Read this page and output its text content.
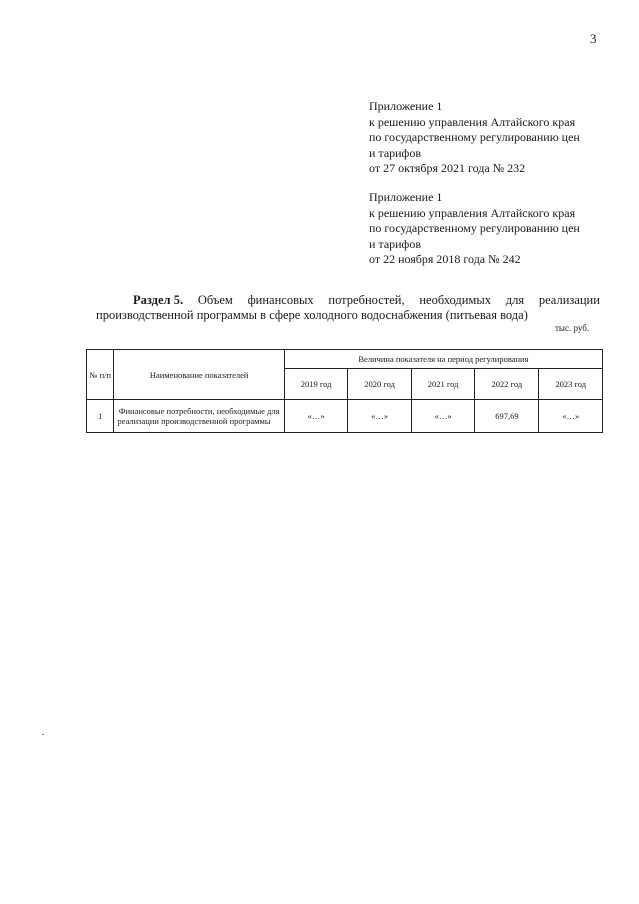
3
Приложение 1
к решению управления Алтайского края
по государственному регулированию цен
и тарифов
от 27 октября 2021 года № 232
Приложение 1
к решению управления Алтайского края
по государственному регулированию цен
и тарифов
от 22 ноября 2018 года № 242
Раздел 5. Объем финансовых потребностей, необходимых для реализации
производственной программы в сфере холодного водоснабжения (питьевая вода)
тыс. руб.
№ п/п	Наименование показателей	Величина показателя на период регулирования				
		2019 год	2020 год	2021 год	2022 год	2023 год
1	Финансовые потребности, необходимые для реализации производственной программы	«…»	«…»	«…»	697,69	«…»
